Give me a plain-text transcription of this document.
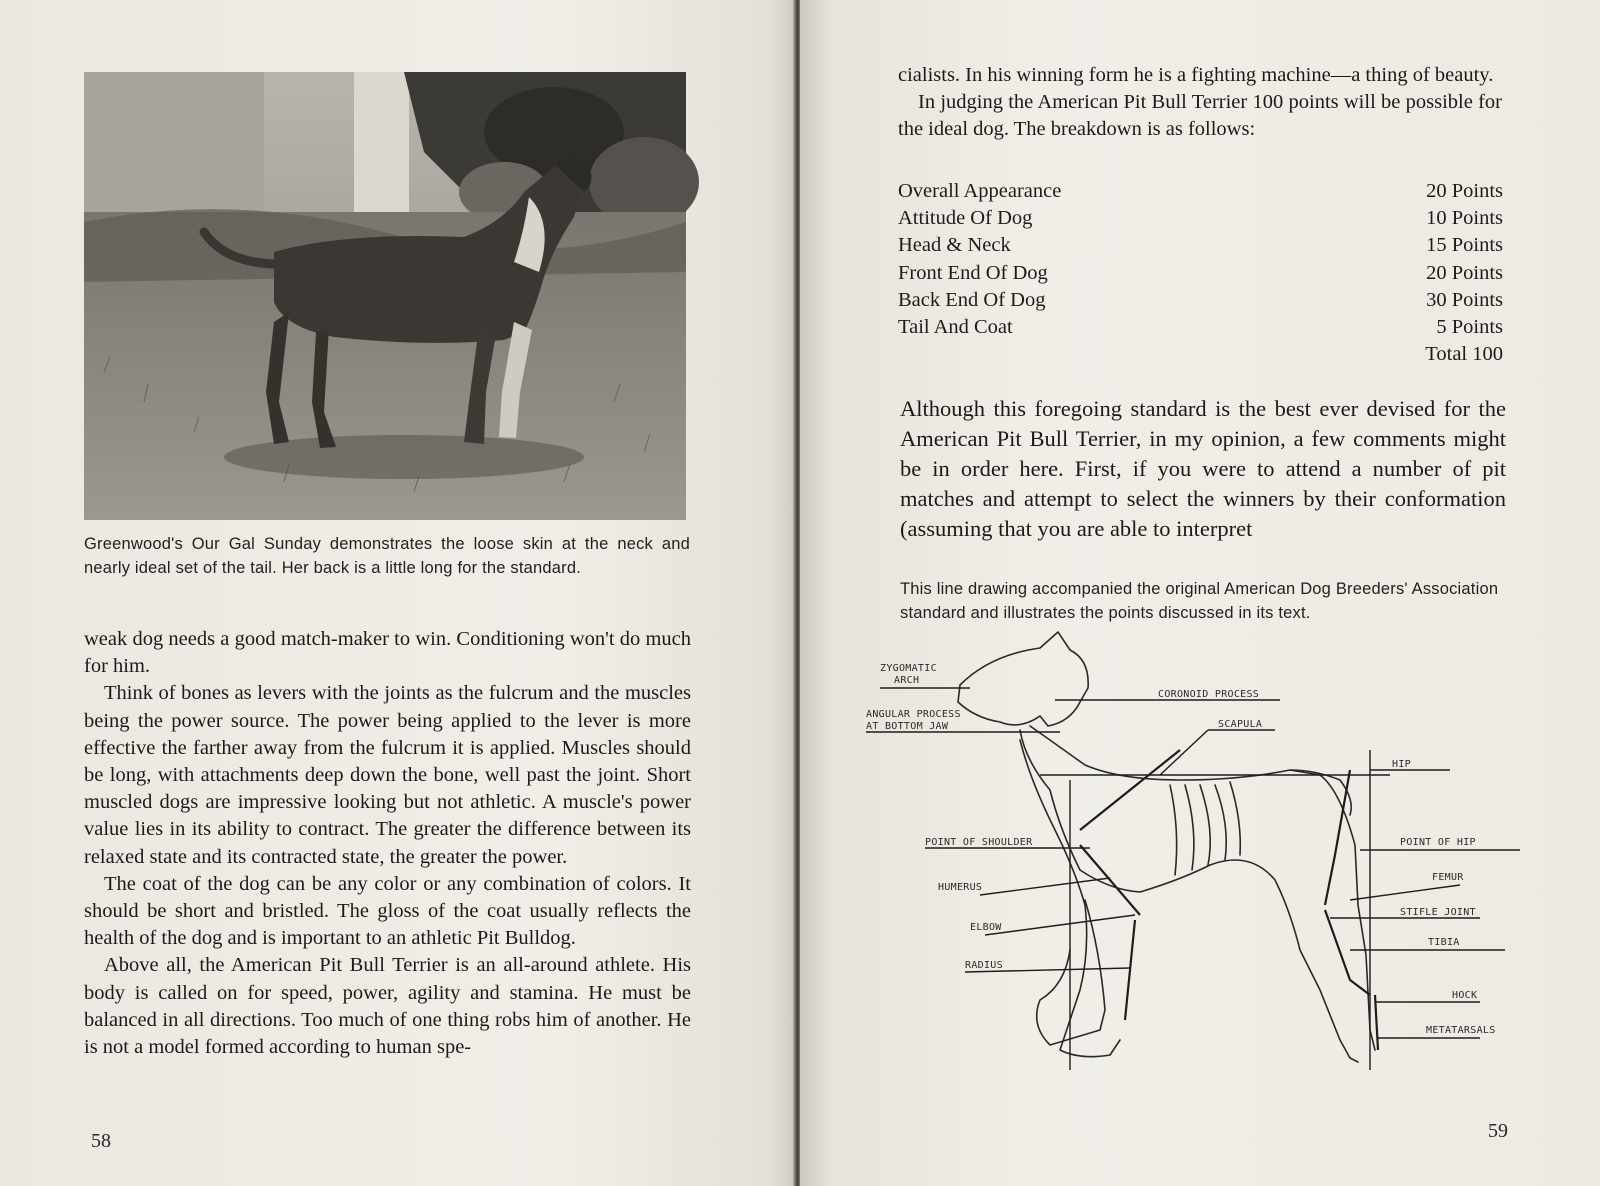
Greenwood's Our Gal Sunday demonstrates the loose skin at the neck and nearly ideal set of the tail. Her back is a little long for the standard.

weak dog needs a good match-maker to win. Conditioning won't do much for him.

Think of bones as levers with the joints as the fulcrum and the muscles being the power source. The power being applied to the lever is more effective the farther away from the fulcrum it is applied. Muscles should be long, with attachments deep down the bone, well past the joint. Short muscled dogs are impressive looking but not athletic. A muscle's power value lies in its ability to contract. The greater the difference between its relaxed state and its contracted state, the greater the power.

The coat of the dog can be any color or any combination of colors. It should be short and bristled. The gloss of the coat usually reflects the health of the dog and is important to an athletic Pit Bulldog.

Above all, the American Pit Bull Terrier is an all-around athlete. His body is called on for speed, power, agility and stamina. He must be balanced in all directions. Too much of one thing robs him of another. He is not a model formed according to human spe-

58

cialists. In his winning form he is a fighting machine—a thing of beauty.

In judging the American Pit Bull Terrier 100 points will be possible for the ideal dog. The breakdown is as follows:

Overall Appearance	20 Points
Attitude Of Dog	10 Points
Head & Neck	15 Points
Front End Of Dog	20 Points
Back End Of Dog	30 Points
Tail And Coat	5 Points
Total 100
Although this foregoing standard is the best ever devised for the American Pit Bull Terrier, in my opinion, a few comments might be in order here. First, if you were to attend a number of pit matches and attempt to select the winners by their conformation (assuming that you are able to interpret
This line drawing accompanied the original American Dog Breeders' Association standard and illustrates the points discussed in its text.
ZYGOMATIC
ARCH
ANGULAR PROCESS
AT BOTTOM JAW
CORONOID PROCESS
SCAPULA
HIP
POINT OF SHOULDER	POINT OF HIP
HUMERUS
FEMUR
STIFLE JOINT
ELBOW
TIBIA
RADIUS
HOCK
METATARSALS
59
